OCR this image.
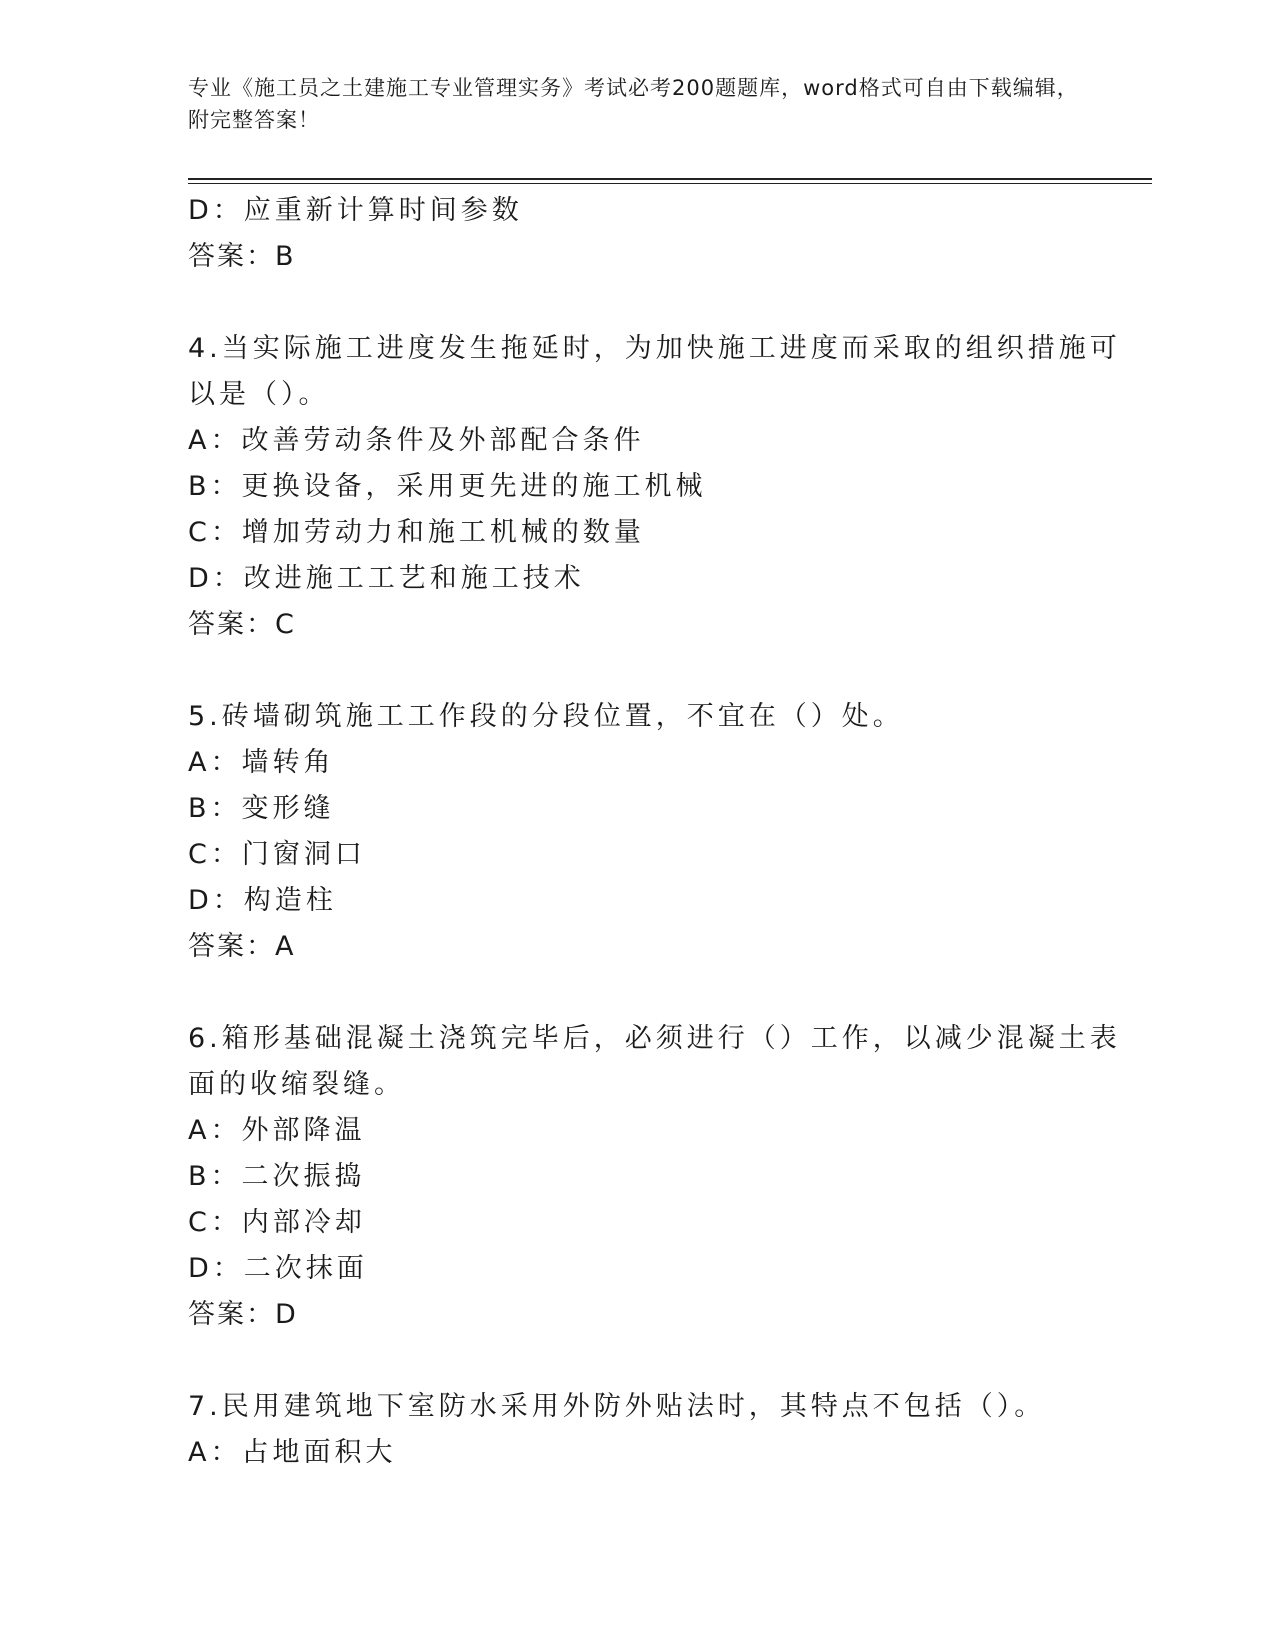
专业《施工员之土建施工专业管理实务》考试必考200题题库，word格式可自由下载编辑，附完整答案！
D：应重新计算时间参数
答案：B
4.当实际施工进度发生拖延时，为加快施工进度而采取的组织措施可
以是（）。
A：改善劳动条件及外部配合条件
B：更换设备，采用更先进的施工机械
C：增加劳动力和施工机械的数量
D：改进施工工艺和施工技术
答案：C
5.砖墙砌筑施工工作段的分段位置，不宜在（）处。
A：墙转角
B：变形缝
C：门窗洞口
D：构造柱
答案：A
6.箱形基础混凝土浇筑完毕后，必须进行（）工作，以减少混凝土表
面的收缩裂缝。
A：外部降温
B：二次振捣
C：内部冷却
D：二次抹面
答案：D
7.民用建筑地下室防水采用外防外贴法时，其特点不包括（）。
A：占地面积大
